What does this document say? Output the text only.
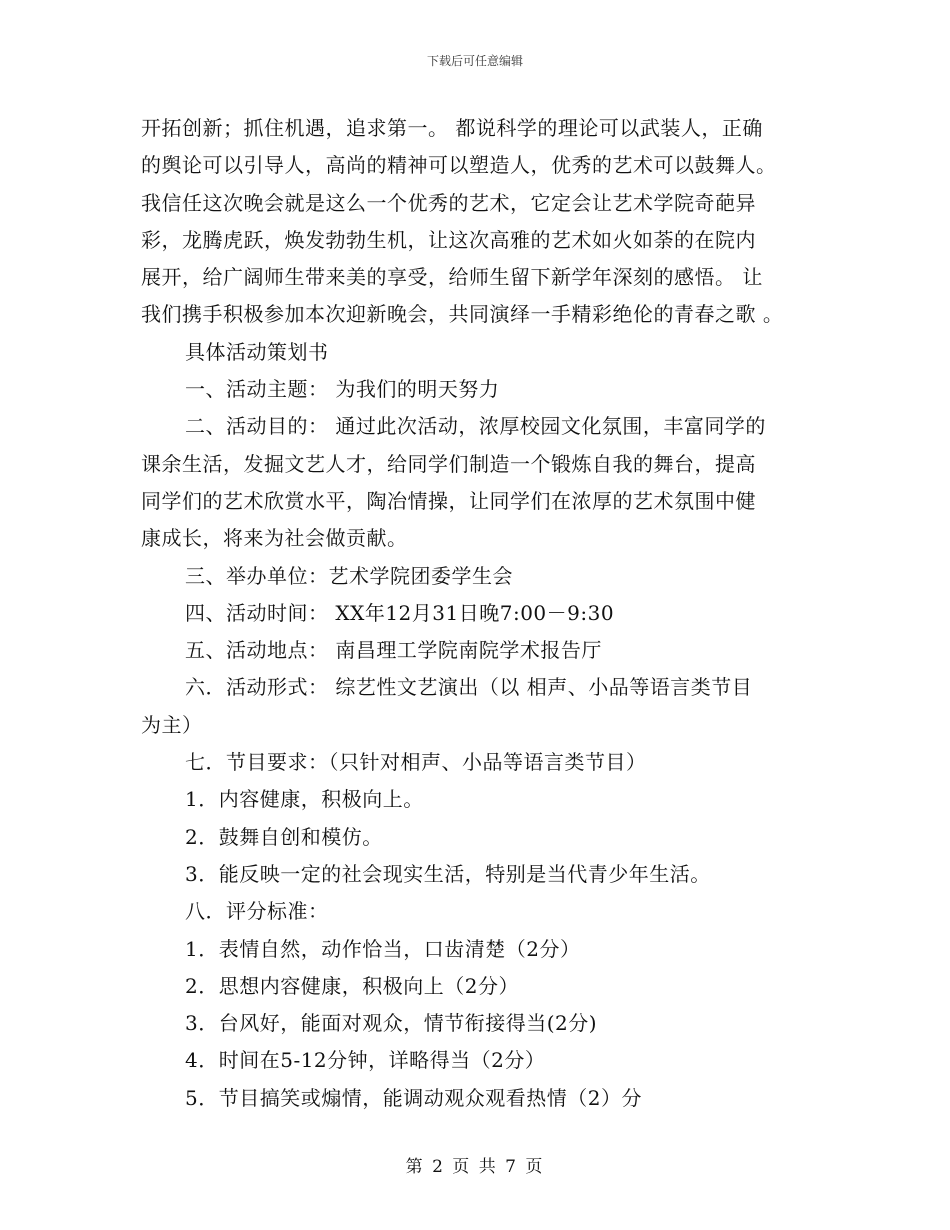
下载后可任意编辑
开拓创新；抓住机遇，追求第一。 都说科学的理论可以武装人，正确
的舆论可以引导人，高尚的精神可以塑造人，优秀的艺术可以鼓舞人。
我信任这次晚会就是这么一个优秀的艺术，它定会让艺术学院奇葩异
彩，龙腾虎跃，焕发勃勃生机，让这次高雅的艺术如火如荼的在院内
展开，给广阔师生带来美的享受，给师生留下新学年深刻的感悟。 让
我们携手积极参加本次迎新晚会，共同演绎一手精彩绝伦的青春之歌 。
具体活动策划书
一、活动主题： 为我们的明天努力
二、活动目的： 通过此次活动，浓厚校园文化氛围，丰富同学的
课余生活，发掘文艺人才，给同学们制造一个锻炼自我的舞台，提高
同学们的艺术欣赏水平，陶冶情操，让同学们在浓厚的艺术氛围中健
康成长，将来为社会做贡献。
三、举办单位：艺术学院团委学生会
四、活动时间： XX年12月31日晚7:00－9:30
五、活动地点： 南昌理工学院南院学术报告厅
六．活动形式： 综艺性文艺演出（以 相声、小品等语言类节目
为主）
七．节目要求：（只针对相声、小品等语言类节目）
1．内容健康，积极向上。
2．鼓舞自创和模仿。
3．能反映一定的社会现实生活，特别是当代青少年生活。
八．评分标准：
1．表情自然，动作恰当，口齿清楚（2分）
2．思想内容健康，积极向上（2分）
3．台风好，能面对观众，情节衔接得当(2分)
4．时间在5-12分钟，详略得当（2分）
5．节目搞笑或煽情，能调动观众观看热情（2）分
第 2 页 共 7 页
